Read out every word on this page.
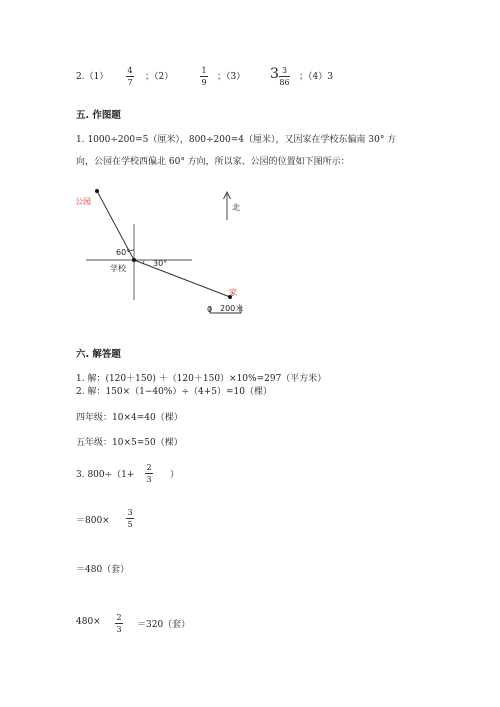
2.（1）
4
7
；（2）
1
9
；（3） 3 3
86
；（4）3
五. 作图题
1. 1000÷200=5（厘米），800÷200=4（厘米），又因家在学校东偏南 30° 方
向，公园在学校西偏北 60° 方向，所以家、公园的位置如下图所示：
公园
北
60°
30°
学校
家
0 200米
六. 解答题
1. 解：(120＋150) ＋（120＋150）×10%=297（平方米）
2. 解：150×（1−40%）÷（4+5）=10（棵）
四年级：10×4=40（棵）
五年级：10×5=50（棵）
3. 800÷（1+
2
3 ）
＝800×
3
5
＝480（套）
480× 2
3 ＝320（套）
